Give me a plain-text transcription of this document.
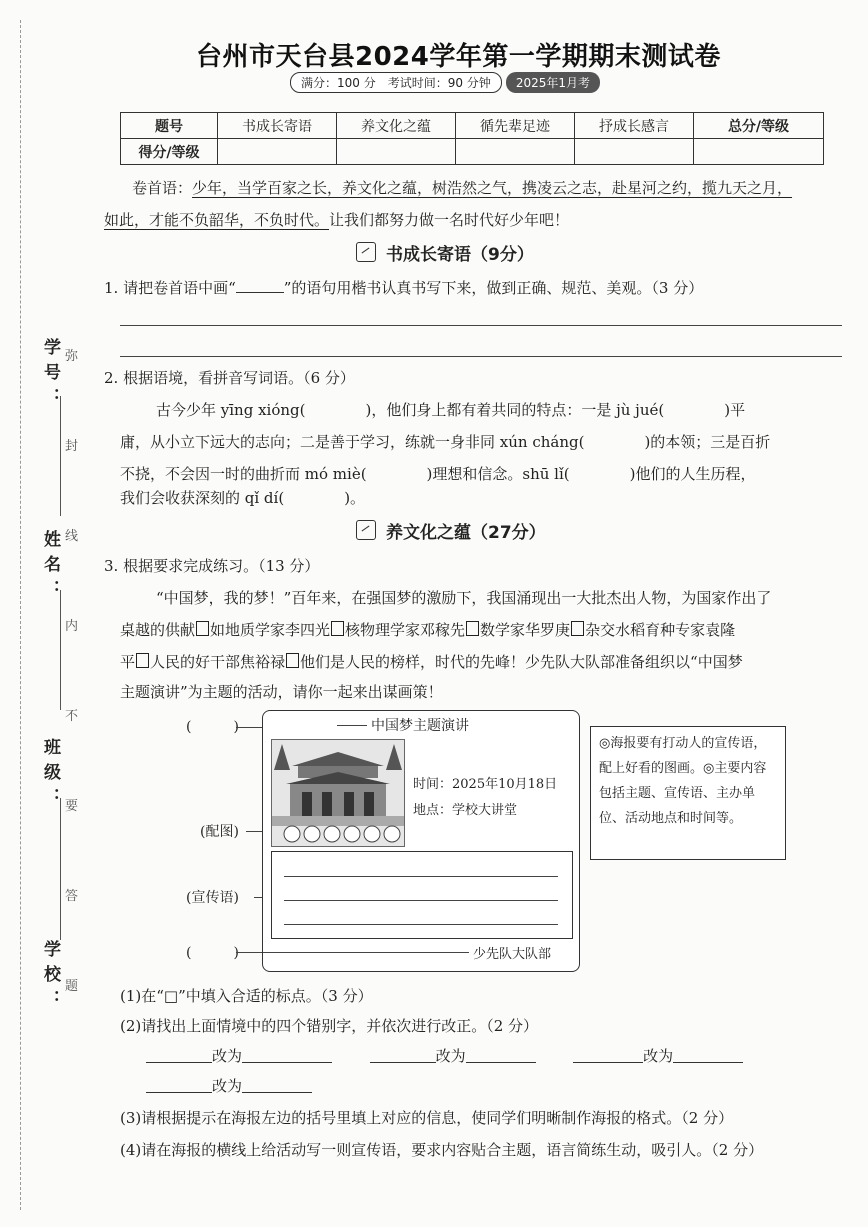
学号：
姓名：
班级：
学校：
弥
封
线
内
不
要
答
题
台州市天台县2024学年第一学期期末测试卷
满分：100 分　考试时间：90 分钟	2025年1月考
题号	书成长寄语	养文化之蕴	循先辈足迹	抒成长感言	总分/等级
得分/等级					
卷首语：少年，当学百家之长，养文化之蕴，树浩然之气，携凌云之志，赴星河之约，揽九天之月，
如此，才能不负韶华，不负时代。让我们都努力做一名时代好少年吧！
书成长寄语（9分）
1. 请把卷首语中画“	”的语句用楷书认真书写下来，做到正确、规范、美观。（3 分）
2. 根据语境，看拼音写词语。（6 分）
古今少年 yīng xióng(　　　　)，他们身上都有着共同的特点：一是 jù jué(　　　　)平
庸，从小立下远大的志向；二是善于学习，练就一身非同 xún cháng(　　　　)的本领；三是百折
不挠，不会因一时的曲折而 mó miè(　　　　)理想和信念。shū lǐ(　　　　)他们的人生历程，
我们会收获深刻的 qǐ dí(　　　　)。
养文化之蕴（27分）
3. 根据要求完成练习。（13 分）
“中国梦，我的梦！”百年来，在强国梦的激励下，我国涌现出一大批杰出人物，为国家作出了
桌越的供献 如地质学家李四光 核物理学家邓稼先 数学家华罗庚 杂交水稻育种专家袁隆
平 人民的好干部焦裕禄 他们是人民的榜样，时代的先峰！少先队大队部准备组织以“中国梦
主题演讲”为主题的活动，请你一起来出谋画策！
(　　　)
(配图)
(宣传语)
(　　　)
中国梦主题演讲
时间：2025年10月18日
地点：学校大讲堂
少先队大队部
◎海报要有打动人的宣传语，配上好看的图画。◎主要内容包括主题、宣传语、主办单位、活动地点和时间等。
(1)在“□”中填入合适的标点。（3 分）
(2)请找出上面情境中的四个错别字，并依次进行改正。（2 分）
改为	改为	改为
改为
(3)请根据提示在海报左边的括号里填上对应的信息，使同学们明晰制作海报的格式。（2 分）
(4)请在海报的横线上给活动写一则宣传语，要求内容贴合主题，语言简练生动，吸引人。（2 分）
